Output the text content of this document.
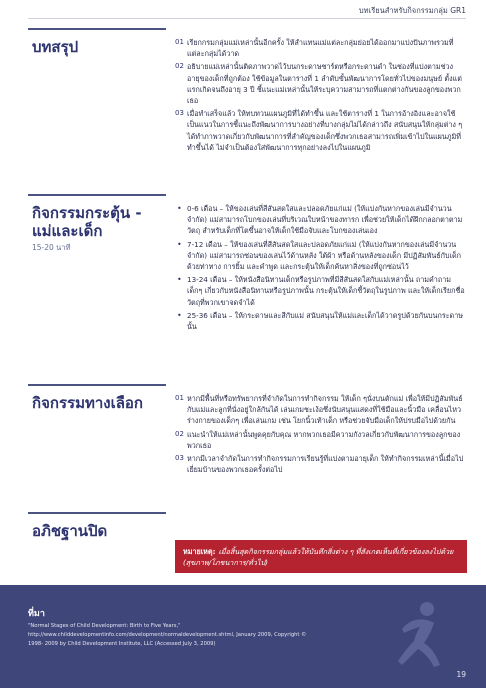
บทเรียนสำหรับกิจกรรมกลุ่ม GR1
บทสรุป	01 เรียกกรมกลุ่มแม่เหล่านั้นอีกครั้ง ให้สำแทนแม่แต่ละกลุ่มย่อยได้ออกมาแบ่งปันภาพรวมที่แต่ละกลุ่มได้วาด
02 อธิบายแม่เหล่านั้นติดภาพวาดไว้บนกระดาษชาร์ตหรือกระดานดำ ในช่องที่แบ่งตามช่วงอายุของเด็กที่ถูกต้อง ใช้ข้อมูลในตารางที่ 1 ลำดับขั้นพัฒนาการโดยทั่วไปของมนุษย์ ตั้งแต่แรกเกิดจนถึงอายุ 3 ปี ชี้แนะแม่เหล่านั้นให้ระบุความสามารถที่แตกต่างกันของลูกของพวกเธอ
03 เมื่อทำเสร็จแล้ว ให้ทบทวนแผนภูมิที่ได้ทำขึ้น และใช้ตารางที่ 1 ในการอ้างอิงและอาจใช้เป็นแนวในการชี้แนะถึงพัฒนาการบางอย่างที่บางกลุ่มไม่ได้กล่าวถึง สนับสนุนให้กลุ่มต่าง ๆได้ทำภาพวาดเกี่ยวกับพัฒนาการที่สำคัญของเด็กซึ่งพวกเธอสามารถเพิ่มเข้าไปในแผนภูมิที่ทำขึ้นได้ ไม่จำเป็นต้องใส่พัฒนาการทุกอย่างลงไปในแผนภูมิ
กิจกรรมกระตุ้น -
แม่และเด็ก
15-20 นาที
• 0-6 เดือน – ให้ของเล่นที่สีสันสดใสและปลอดภัยแก่แม่ (ให้แบ่งกันหากของเล่นมีจำนวนจำกัด) แม่สามารถโบกของเล่นที่บริเวณใบหน้าของทารก เพื่อช่วยให้เด็กได้ฝึกกลอกตาตามวัตถุ สำหรับเด็กที่โตขึ้นอาจให้เด็กใช้มือจับและโบกของเล่นเอง
• 7-12 เดือน – ให้ของเล่นที่สีสันสดใสและปลอดภัยแก่แม่ (ให้แบ่งกันหากของเล่นมีจำนวนจำกัด) แม่สามารถซ่อนของเล่นไว้ด้านหลัง ใต้ผ้า หรือด้านหลังของเด็ก มีปฏิสัมพันธ์กับเด็กด้วยท่าทาง การยิ้ม และคำพูด และกระตุ้นให้เด็กค้นหาสิ่งของที่ถูกซ่อนไว้
• 13-24 เดือน – ให้หนังสือนิทานเด็กหรือรูปภาพที่มีสีสันสดใสกับแม่เหล่านั้น ถามคำถามเด็กๆ เกี่ยวกับหนังสือนิทานหรือรูปภาพนั้น กระตุ้นให้เด็กชี้วัตถุในรูปภาพ และให้เด็กเรียกชื่อวัตถุที่พวกเขาจดจำได้
• 25-36 เดือน – ให้กระดาษและสีกับแม่ สนับสนุนให้แม่และเด็กได้วาดรูปด้วยกันบนกระดาษนั้น
กิจกรรมทางเลือก	01 หากมีพื้นที่หรือทรัพยากรที่จำกัดในการทำกิจกรรม ให้เด็ก ๆนั่งบนตักแม่ เพื่อให้มีปฏิสัมพันธ์กับแม่และลูกที่นั่งอยู่ใกล้กันได้ เล่นเกมชะเง้อซึ่งนับสนุนแสดงที่ใช้มือและนิ้วมือ เคลื่อนไหวร่างกายของเด็กๆ เพื่อเล่นเกม เช่น โยกนิ้วเท้าเด็ก หรือช่วยจับมือเด็กให้ปรบมือไปด้วยกัน
02 แนะนำให้แม่เหล่านั้นพูดคุยกับคุณ หากพวกเธอมีความกังวลเกี่ยวกับพัฒนาการของลูกของพวกเธอ
03 หากมีเวลาจำกัดในการทำกิจกรรมการเรียนรู้ที่แบ่งตามอายุเด็ก ให้ทำกิจกรรมเหล่านี้เมื่อไปเยี่ยมบ้านของพวกเธอครั้งต่อไป
อภิชฐานปิด
หมายเหตุ: เมื่อสิ้นสุดกิจกรรมกลุ่มแล้วให้บันทึกสิ่งต่าง ๆ ที่สังเกตเห็นที่เกี่ยวข้องลงไปด้วย (สุขภาพ/โภชนาการ/ทั่วไป)
ที่มา
"Normal Stages of Child Development: Birth to Five Years,"
http://www.childdevelopmentinfo.com/development/normaldevelopment.shtml, January 2009, Copyright ©
1998- 2009 by Child Development Institute, LLC (Accessed July 3, 2009)
19
